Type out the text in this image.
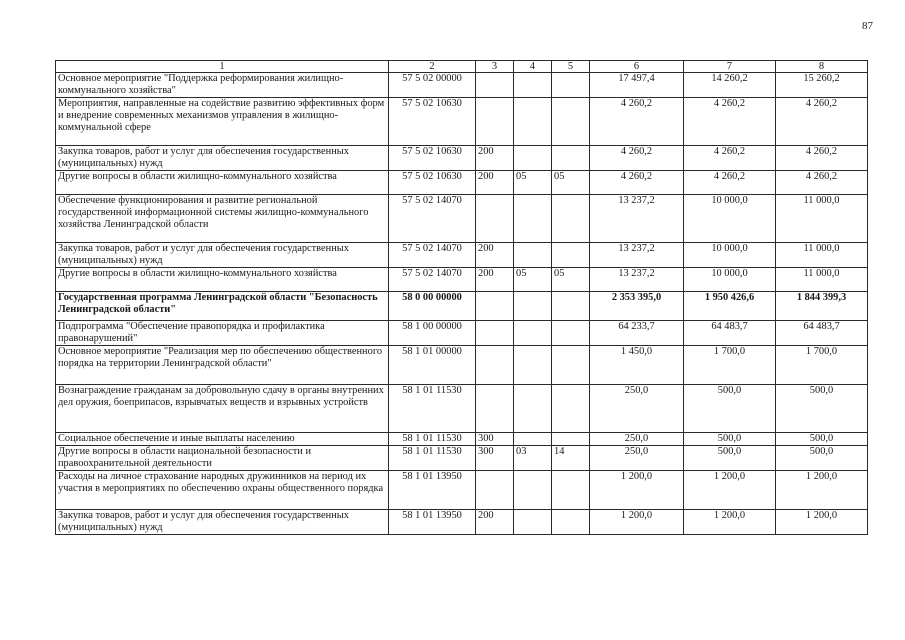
87
1	2	3	4	5	6	7	8
Основное мероприятие "Поддержка реформирования жилищно-коммунального хозяйства"	57 5 02 00000				17 497,4	14 260,2	15 260,2
Мероприятия, направленные на содействие развитию эффективных форм и внедрение современных механизмов управления в жилищно-коммунальной сфере	57 5 02 10630				4 260,2	4 260,2	4 260,2
Закупка товаров, работ и услуг для обеспечения государственных (муниципальных) нужд	57 5 02 10630	200			4 260,2	4 260,2	4 260,2
Другие вопросы в области жилищно-коммунального хозяйства	57 5 02 10630	200	05	05	4 260,2	4 260,2	4 260,2
Обеспечение функционирования и развитие региональной государственной информационной системы жилищно-коммунального хозяйства Ленинградской области	57 5 02 14070				13 237,2	10 000,0	11 000,0
Закупка товаров, работ и услуг для обеспечения государственных (муниципальных) нужд	57 5 02 14070	200			13 237,2	10 000,0	11 000,0
Другие вопросы в области жилищно-коммунального хозяйства	57 5 02 14070	200	05	05	13 237,2	10 000,0	11 000,0
Государственная программа Ленинградской области "Безопасность Ленинградской области"	58 0 00 00000				2 353 395,0	1 950 426,6	1 844 399,3
Подпрограмма "Обеспечение правопорядка и профилактика правонарушений"	58 1 00 00000				64 233,7	64 483,7	64 483,7
Основное мероприятие "Реализация мер по обеспечению общественного порядка на территории Ленинградской области"	58 1 01 00000				1 450,0	1 700,0	1 700,0
Вознаграждение гражданам за добровольную сдачу в органы внутренних дел оружия, боеприпасов, взрывчатых веществ и взрывных устройств	58 1 01 11530				250,0	500,0	500,0
Социальное обеспечение и иные выплаты населению	58 1 01 11530	300			250,0	500,0	500,0
Другие вопросы в области национальной безопасности и правоохранительной деятельности	58 1 01 11530	300	03	14	250,0	500,0	500,0
Расходы на личное страхование народных дружинников на период их участия в мероприятиях по обеспечению охраны общественного порядка	58 1 01 13950				1 200,0	1 200,0	1 200,0
Закупка товаров, работ и услуг для обеспечения государственных (муниципальных) нужд	58 1 01 13950	200			1 200,0	1 200,0	1 200,0
